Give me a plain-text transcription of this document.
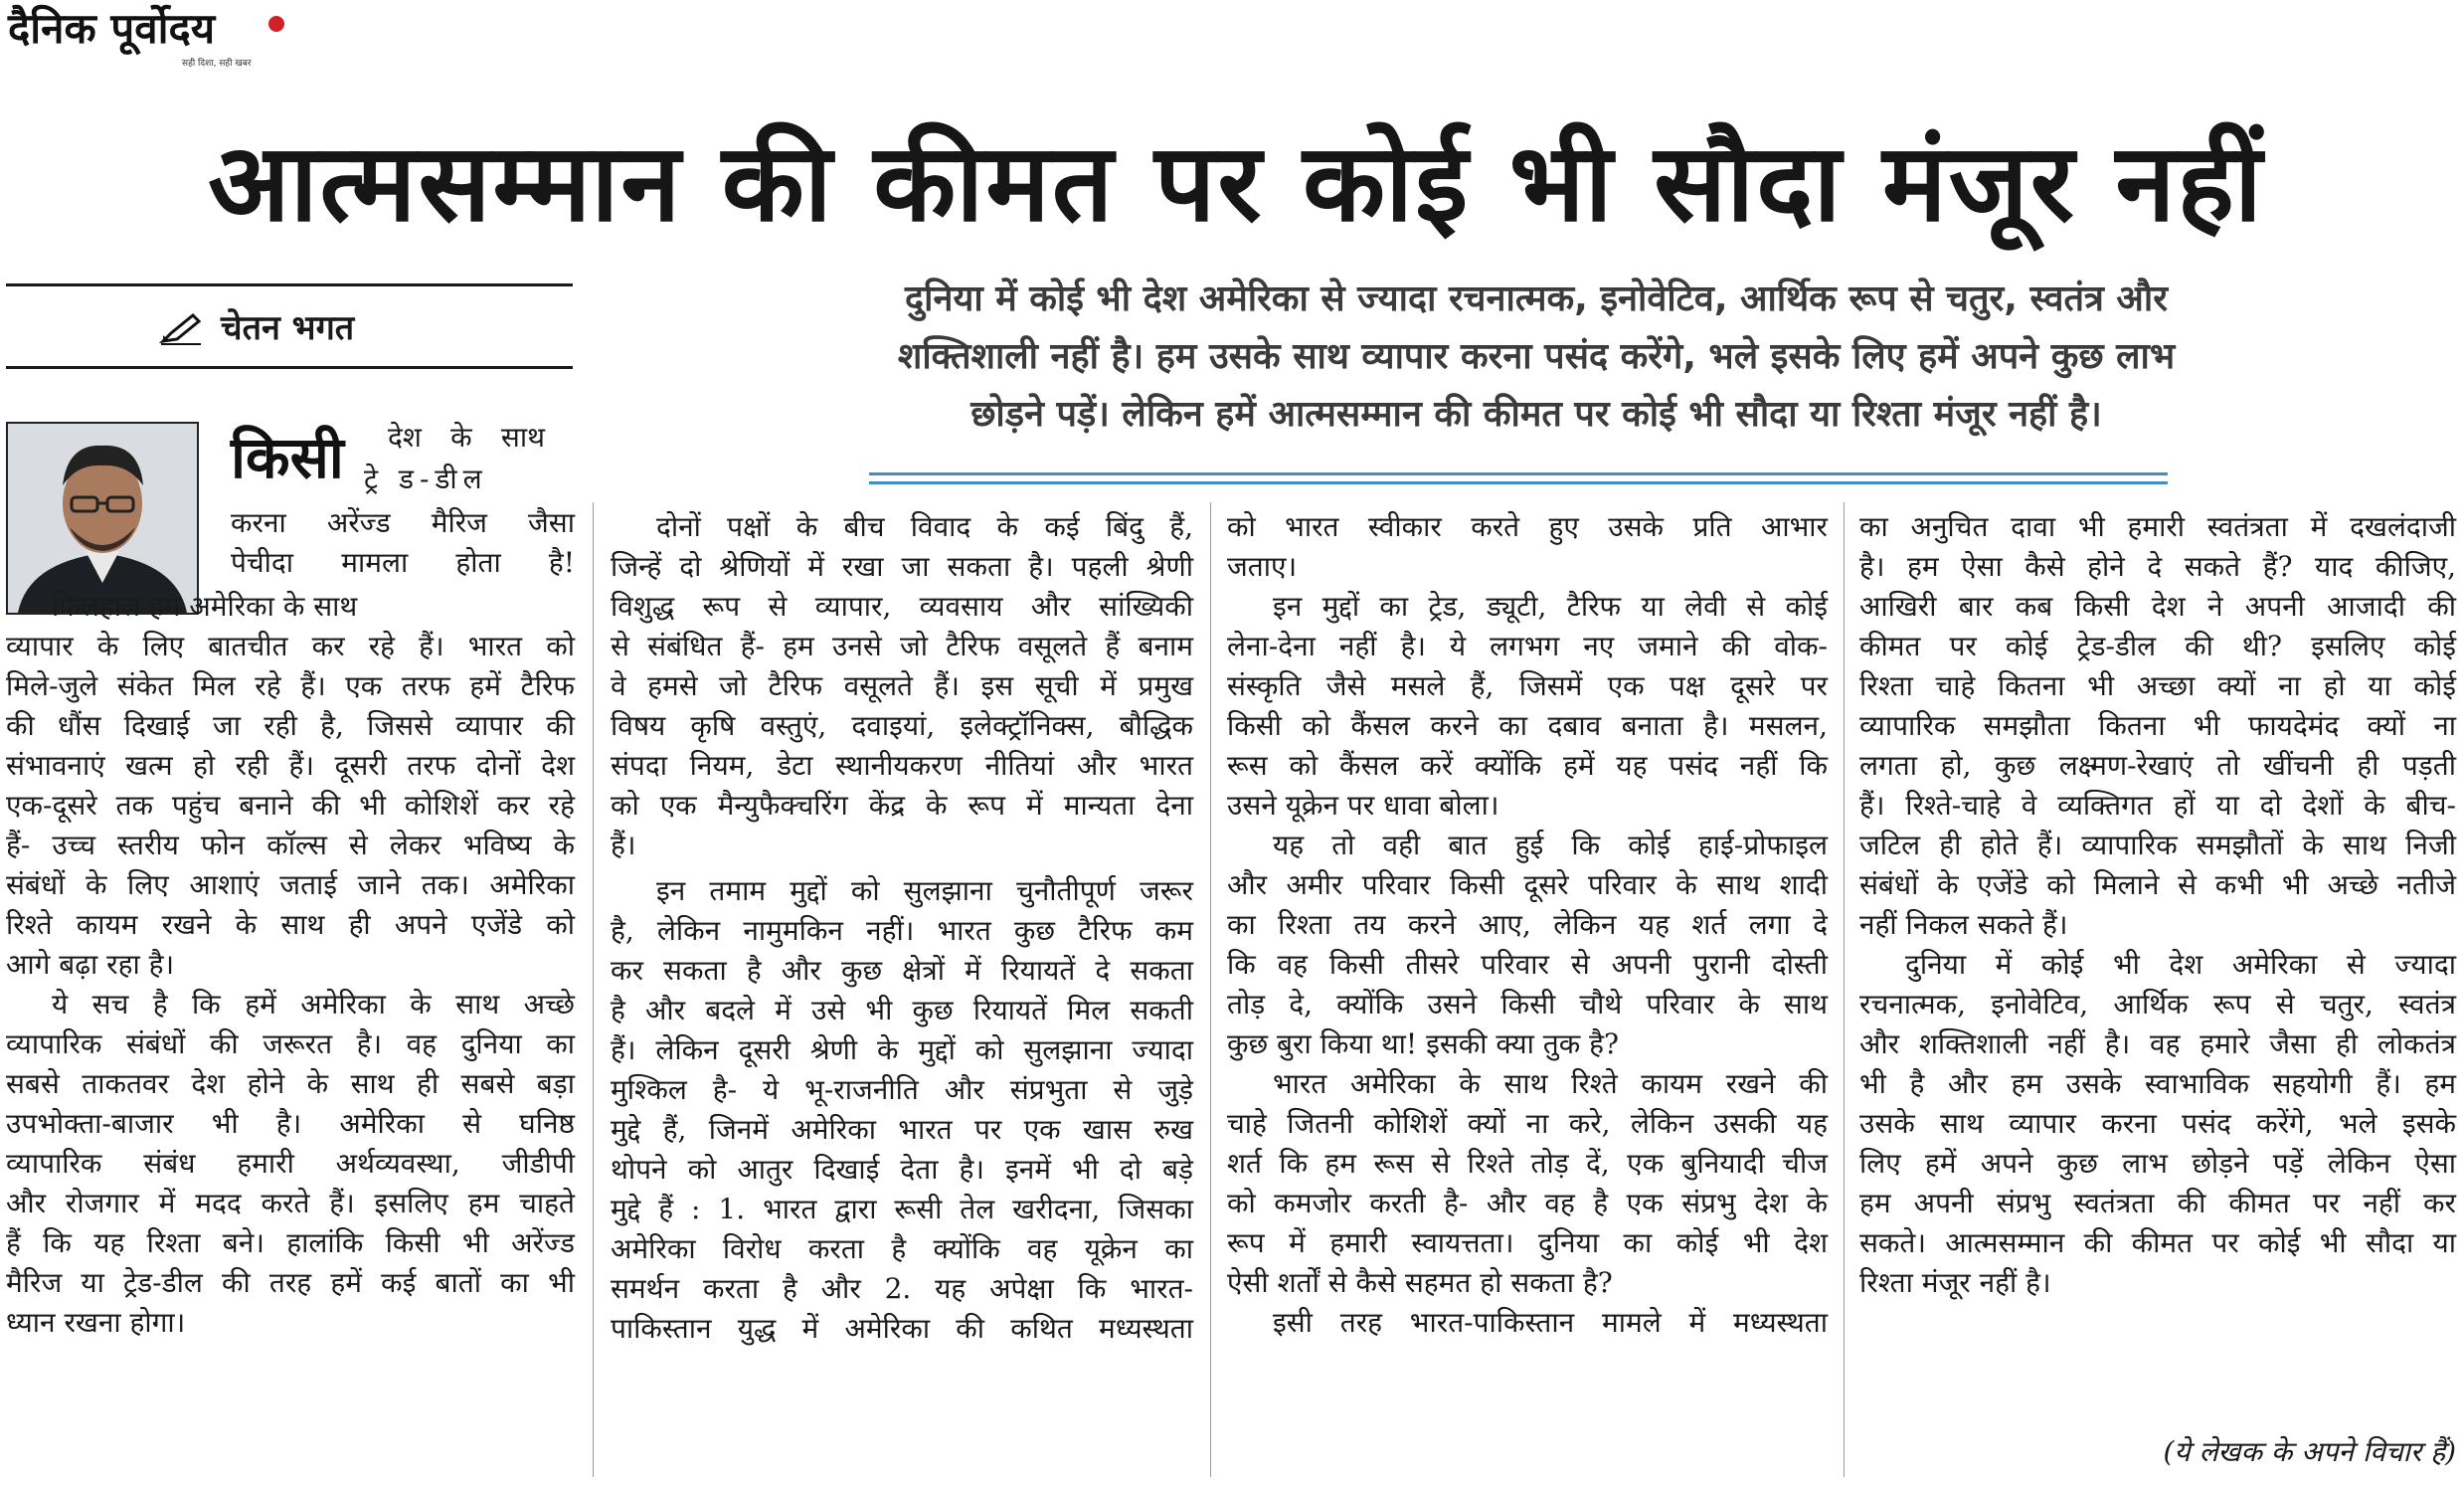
दैनिक पूर्वोदय
सही दिशा, सही खबर
आत्मसम्मान की कीमत पर कोई भी सौदा मंजूर नहीं
चेतन भगत

दुनिया में कोई भी देश अमेरिका से ज्यादा रचनात्मक, इनोवेटिव, आर्थिक रूप से चतुर, स्वतंत्र और

शक्तिशाली नहीं है। हम उसके साथ व्यापार करना पसंद करेंगे, भले इसके लिए हमें अपने कुछ लाभ

छोड़ने पड़ें। लेकिन हमें आत्मसम्मान की कीमत पर कोई भी सौदा या रिश्ता मंजूर नहीं है।

किसी देश के साथ
ट्रे ड-डील
करना अरेंज्ड मैरिज जैसा
पेचीदा मामला होता है!

फिलहाल हम अमेरिका के साथ

व्यापार के लिए बातचीत कर रहे हैं। भारत को

मिले-जुले संकेत मिल रहे हैं। एक तरफ हमें टैरिफ

की धौंस दिखाई जा रही है, जिससे व्यापार की

संभावनाएं खत्म हो रही हैं। दूसरी तरफ दोनों देश

एक-दूसरे तक पहुंच बनाने की भी कोशिशें कर रहे

हैं- उच्च स्तरीय फोन कॉल्स से लेकर भविष्य के

संबंधों के लिए आशाएं जताई जाने तक। अमेरिका

रिश्ते कायम रखने के साथ ही अपने एजेंडे को

आगे बढ़ा रहा है।

ये सच है कि हमें अमेरिका के साथ अच्छे

व्यापारिक संबंधों की जरूरत है। वह दुनिया का

सबसे ताकतवर देश होने के साथ ही सबसे बड़ा

उपभोक्ता-बाजार भी है। अमेरिका से घनिष्ठ

व्यापारिक संबंध हमारी अर्थव्यवस्था, जीडीपी

और रोजगार में मदद करते हैं। इसलिए हम चाहते

हैं कि यह रिश्ता बने। हालांकि किसी भी अरेंज्ड

मैरिज या ट्रेड-डील की तरह हमें कई बातों का भी

ध्यान रखना होगा।

दोनों पक्षों के बीच विवाद के कई बिंदु हैं,

जिन्हें दो श्रेणियों में रखा जा सकता है। पहली श्रेणी

विशुद्ध रूप से व्यापार, व्यवसाय और सांख्यिकी

से संबंधित हैं- हम उनसे जो टैरिफ वसूलते हैं बनाम

वे हमसे जो टैरिफ वसूलते हैं। इस सूची में प्रमुख

विषय कृषि वस्तुएं, दवाइयां, इलेक्ट्रॉनिक्स, बौद्धिक

संपदा नियम, डेटा स्थानीयकरण नीतियां और भारत

को एक मैन्युफैक्चरिंग केंद्र के रूप में मान्यता देना

हैं।

इन तमाम मुद्दों को सुलझाना चुनौतीपूर्ण जरूर

है, लेकिन नामुमकिन नहीं। भारत कुछ टैरिफ कम

कर सकता है और कुछ क्षेत्रों में रियायतें दे सकता

है और बदले में उसे भी कुछ रियायतें मिल सकती

हैं। लेकिन दूसरी श्रेणी के मुद्दों को सुलझाना ज्यादा

मुश्किल है- ये भू-राजनीति और संप्रभुता से जुड़े

मुद्दे हैं, जिनमें अमेरिका भारत पर एक खास रुख

थोपने को आतुर दिखाई देता है। इनमें भी दो बड़े

मुद्दे हैं : 1. भारत द्वारा रूसी तेल खरीदना, जिसका

अमेरिका विरोध करता है क्योंकि वह यूक्रेन का

समर्थन करता है और 2. यह अपेक्षा कि भारत-

पाकिस्तान युद्ध में अमेरिका की कथित मध्यस्थता

को भारत स्वीकार करते हुए उसके प्रति आभार

जताए।

इन मुद्दों का ट्रेड, ड्यूटी, टैरिफ या लेवी से कोई

लेना-देना नहीं है। ये लगभग नए जमाने की वोक-

संस्कृति जैसे मसले हैं, जिसमें एक पक्ष दूसरे पर

किसी को कैंसल करने का दबाव बनाता है। मसलन,

रूस को कैंसल करें क्योंकि हमें यह पसंद नहीं कि

उसने यूक्रेन पर धावा बोला।

यह तो वही बात हुई कि कोई हाई-प्रोफाइल

और अमीर परिवार किसी दूसरे परिवार के साथ शादी

का रिश्ता तय करने आए, लेकिन यह शर्त लगा दे

कि वह किसी तीसरे परिवार से अपनी पुरानी दोस्ती

तोड़ दे, क्योंकि उसने किसी चौथे परिवार के साथ

कुछ बुरा किया था! इसकी क्या तुक है?

भारत अमेरिका के साथ रिश्ते कायम रखने की

चाहे जितनी कोशिशें क्यों ना करे, लेकिन उसकी यह

शर्त कि हम रूस से रिश्ते तोड़ दें, एक बुनियादी चीज

को कमजोर करती है- और वह है एक संप्रभु देश के

रूप में हमारी स्वायत्तता। दुनिया का कोई भी देश

ऐसी शर्तों से कैसे सहमत हो सकता है?

इसी तरह भारत-पाकिस्तान मामले में मध्यस्थता

का अनुचित दावा भी हमारी स्वतंत्रता में दखलंदाजी

है। हम ऐसा कैसे होने दे सकते हैं? याद कीजिए,

आखिरी बार कब किसी देश ने अपनी आजादी की

कीमत पर कोई ट्रेड-डील की थी? इसलिए कोई

रिश्ता चाहे कितना भी अच्छा क्यों ना हो या कोई

व्यापारिक समझौता कितना भी फायदेमंद क्यों ना

लगता हो, कुछ लक्ष्मण-रेखाएं तो खींचनी ही पड़ती

हैं। रिश्ते-चाहे वे व्यक्तिगत हों या दो देशों के बीच-

जटिल ही होते हैं। व्यापारिक समझौतों के साथ निजी

संबंधों के एजेंडे को मिलाने से कभी भी अच्छे नतीजे

नहीं निकल सकते हैं।

दुनिया में कोई भी देश अमेरिका से ज्यादा

रचनात्मक, इनोवेटिव, आर्थिक रूप से चतुर, स्वतंत्र

और शक्तिशाली नहीं है। वह हमारे जैसा ही लोकतंत्र

भी है और हम उसके स्वाभाविक सहयोगी हैं। हम

उसके साथ व्यापार करना पसंद करेंगे, भले इसके

लिए हमें अपने कुछ लाभ छोड़ने पड़ें लेकिन ऐसा

हम अपनी संप्रभु स्वतंत्रता की कीमत पर नहीं कर

सकते। आत्मसम्मान की कीमत पर कोई भी सौदा या

रिश्ता मंजूर नहीं है।

(ये लेखक के अपने विचार हैं)
